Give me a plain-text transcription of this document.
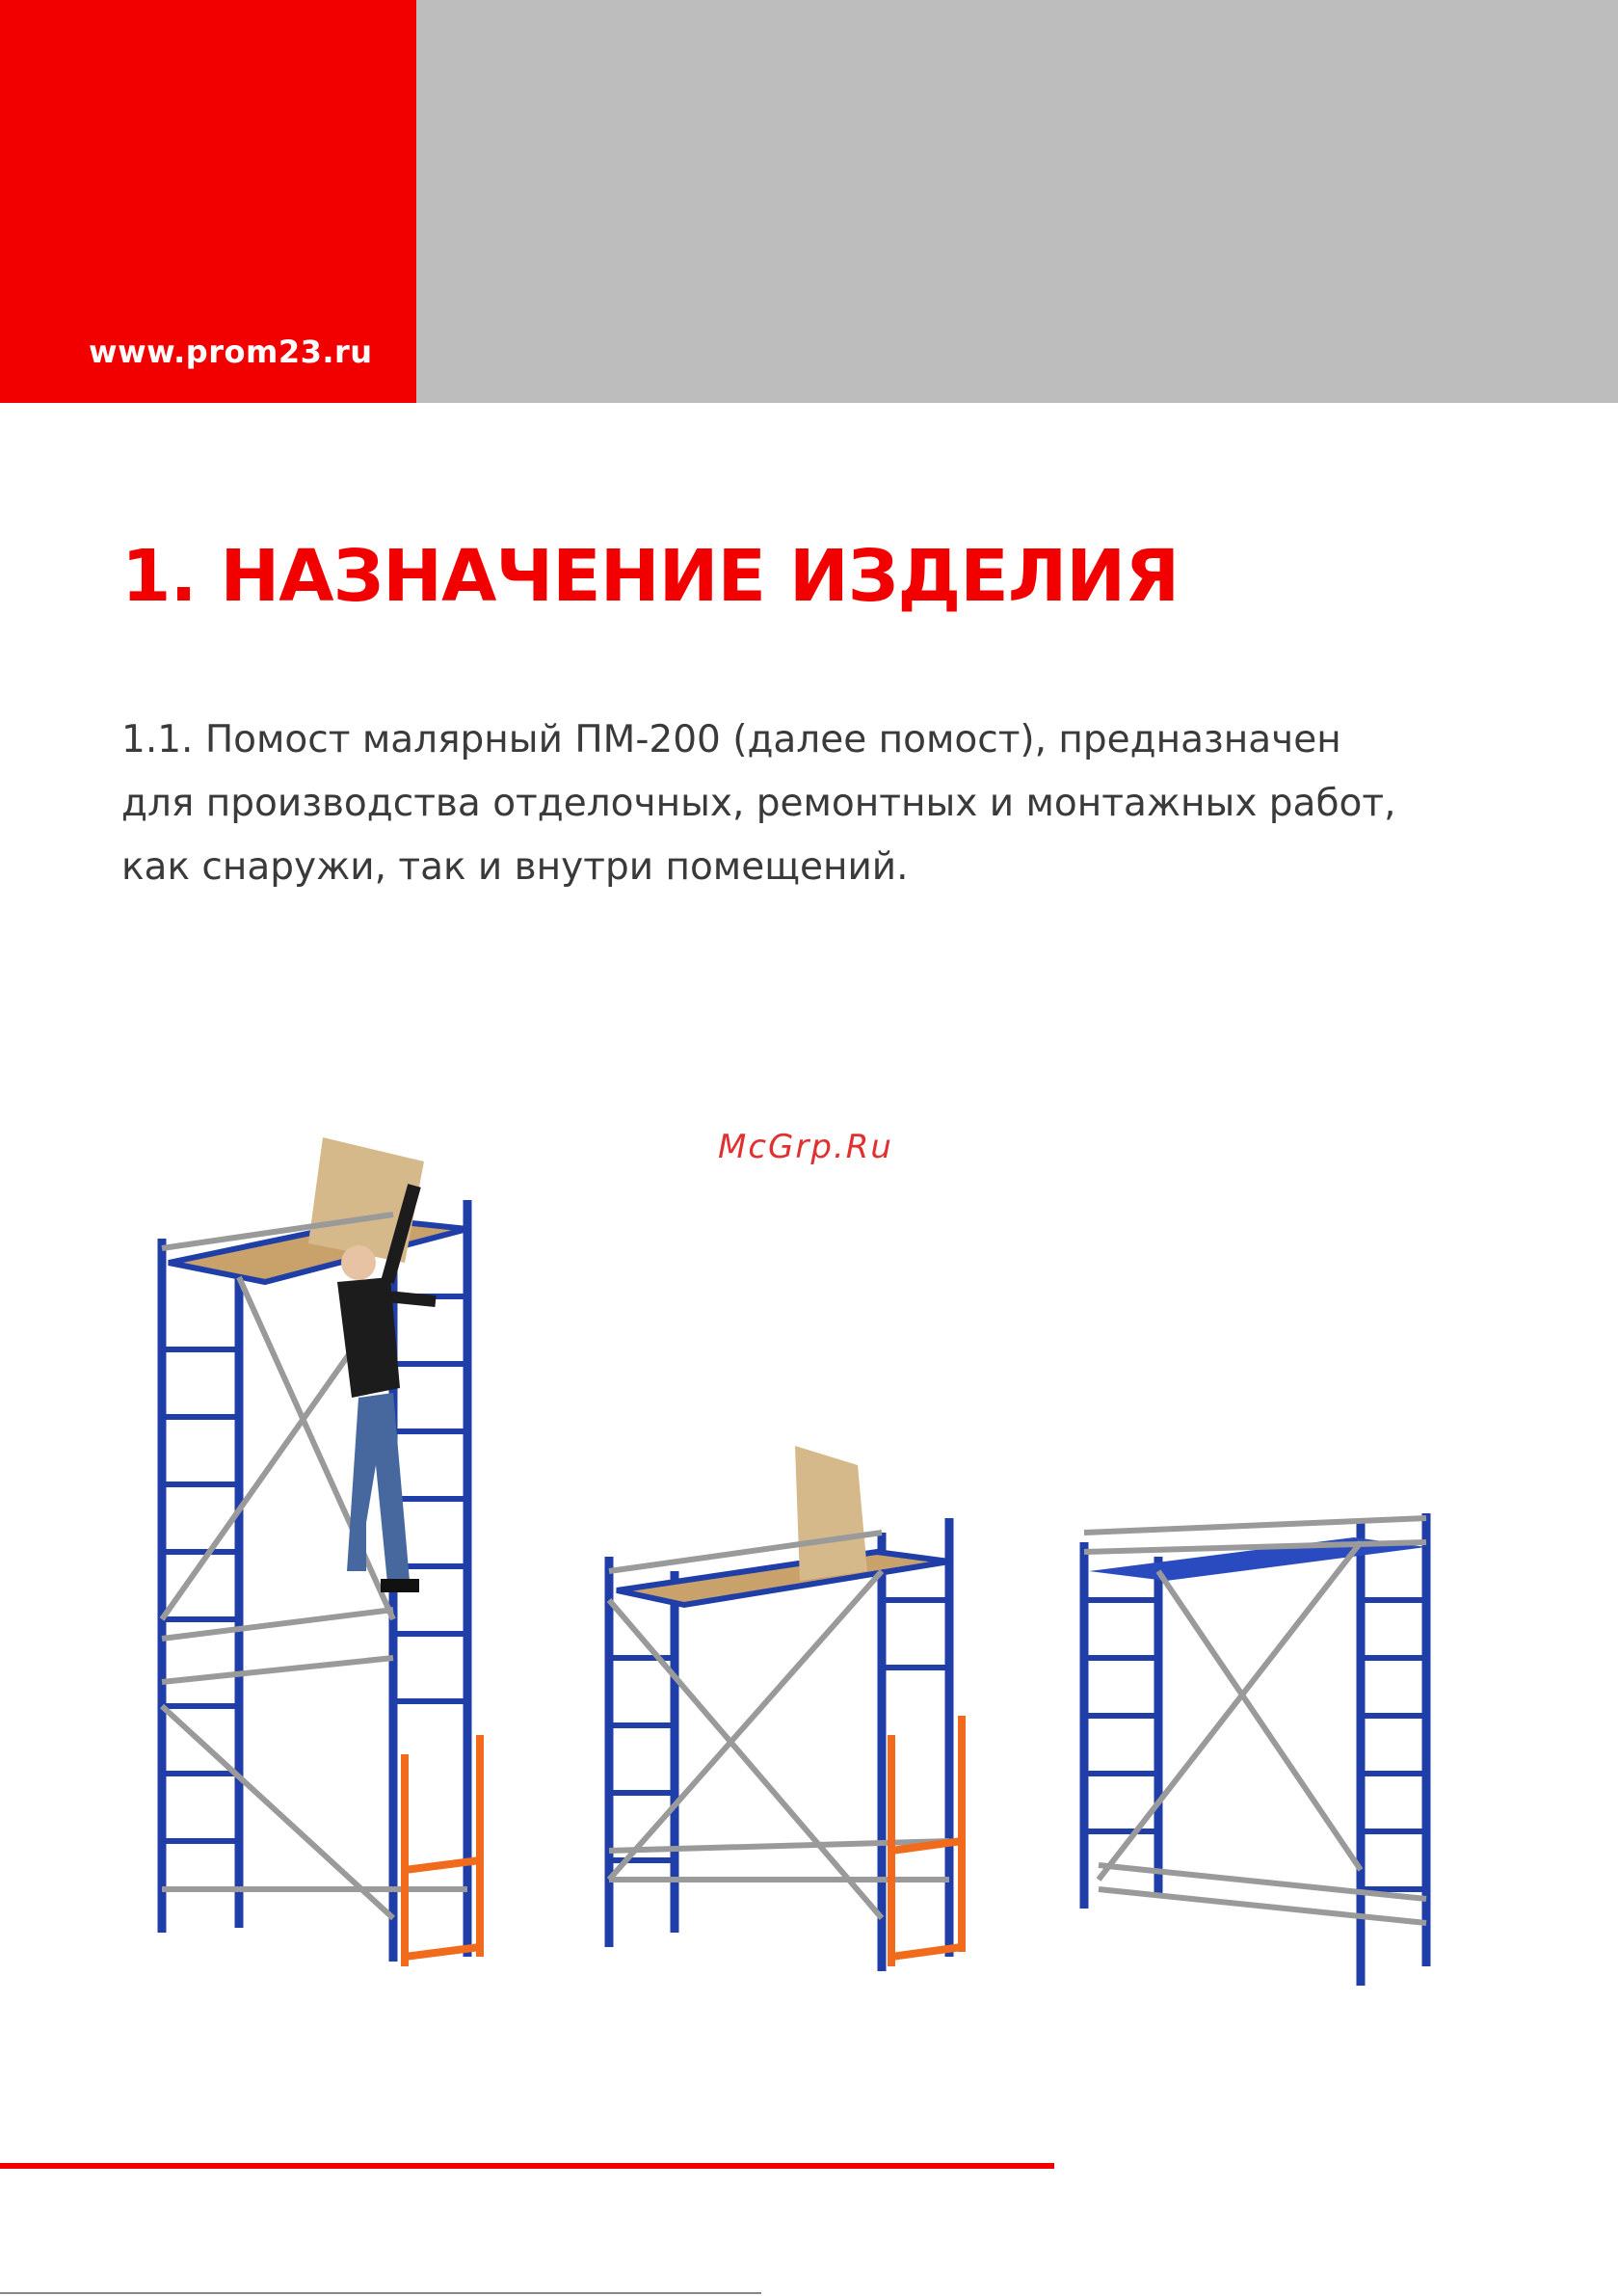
www.prom23.ru
1. НАЗНАЧЕНИЕ ИЗДЕЛИЯ

1.1. Помост малярный ПМ-200 (далее помост), предназначен
для производства отделочных, ремонтных и монтажных работ,
как снаружи, так и внутри помещений.

McGrp.Ru
